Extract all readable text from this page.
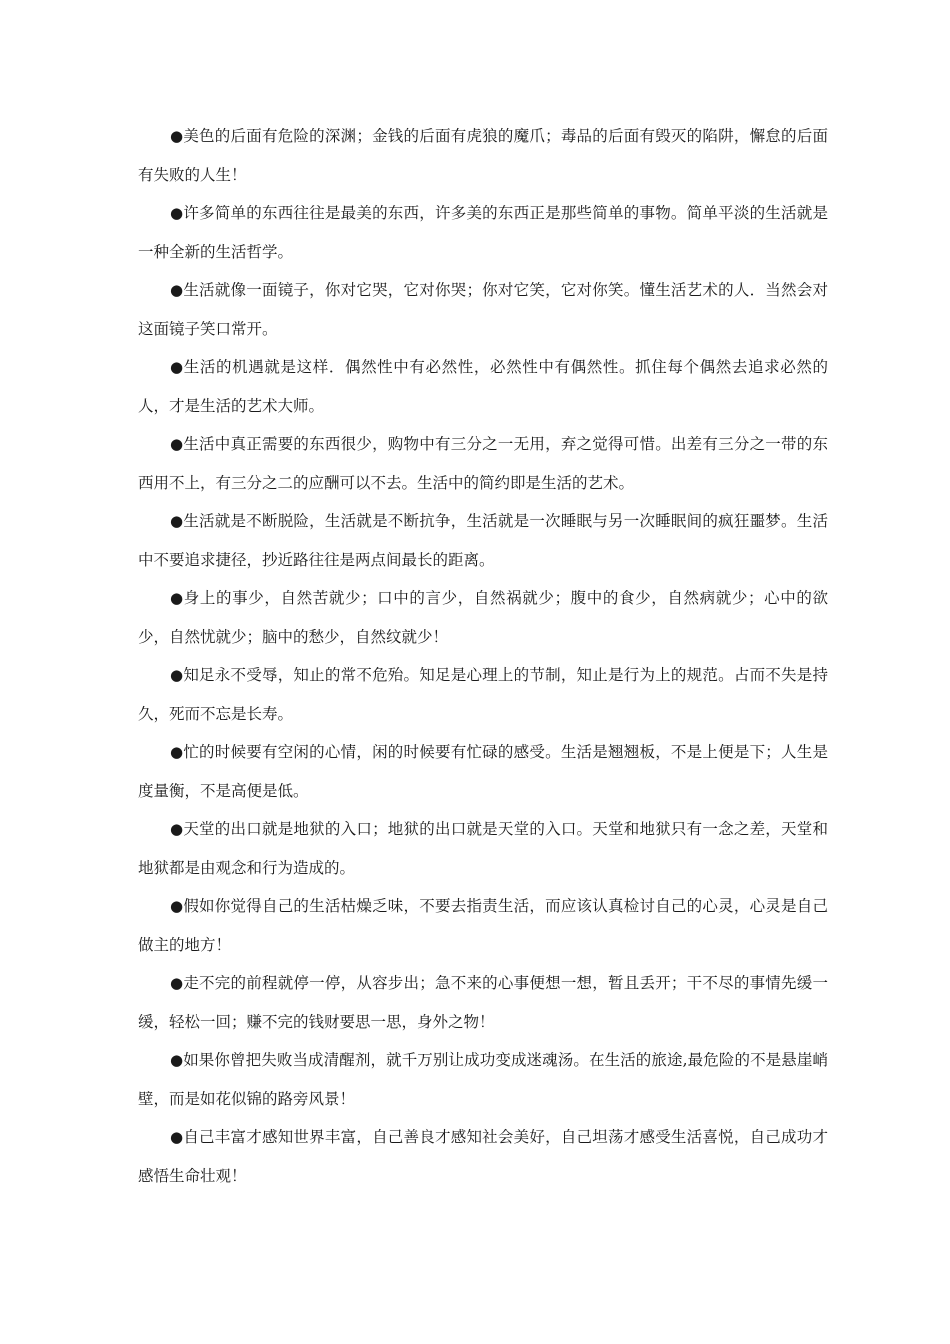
●美色的后面有危险的深渊；金钱的后面有虎狼的魔爪；毒品的后面有毁灭的陷阱，懈怠的后面有失败的人生！

●许多简单的东西往往是最美的东西，许多美的东西正是那些简单的事物。简单平淡的生活就是一种全新的生活哲学。

●生活就像一面镜子，你对它哭，它对你哭；你对它笑，它对你笑。懂生活艺术的人．当然会对这面镜子笑口常开。

●生活的机遇就是这样．偶然性中有必然性，必然性中有偶然性。抓住每个偶然去追求必然的人，才是生活的艺术大师。

●生活中真正需要的东西很少，购物中有三分之一无用，弃之觉得可惜。出差有三分之一带的东西用不上，有三分之二的应酬可以不去。生活中的简约即是生活的艺术。

●生活就是不断脱险，生活就是不断抗争，生活就是一次睡眠与另一次睡眠间的疯狂噩梦。生活中不要追求捷径，抄近路往往是两点间最长的距离。

●身上的事少，自然苦就少；口中的言少，自然祸就少；腹中的食少，自然病就少；心中的欲少，自然忧就少；脑中的愁少，自然纹就少！

●知足永不受辱，知止的常不危殆。知足是心理上的节制，知止是行为上的规范。占而不失是持久，死而不忘是长寿。

●忙的时候要有空闲的心情，闲的时候要有忙碌的感受。生活是翘翘板，不是上便是下；人生是度量衡，不是高便是低。

●天堂的出口就是地狱的入口；地狱的出口就是天堂的入口。天堂和地狱只有一念之差，天堂和地狱都是由观念和行为造成的。

●假如你觉得自己的生活枯燥乏味，不要去指责生活，而应该认真检讨自己的心灵，心灵是自己做主的地方！

●走不完的前程就停一停，从容步出；急不来的心事便想一想，暂且丢开；干不尽的事情先缓一缓，轻松一回；赚不完的钱财要思一思，身外之物！

●如果你曾把失败当成清醒剂，就千万别让成功变成迷魂汤。在生活的旅途,最危险的不是悬崖峭壁，而是如花似锦的路旁风景！

●自己丰富才感知世界丰富，自己善良才感知社会美好，自己坦荡才感受生活喜悦，自己成功才感悟生命壮观！
